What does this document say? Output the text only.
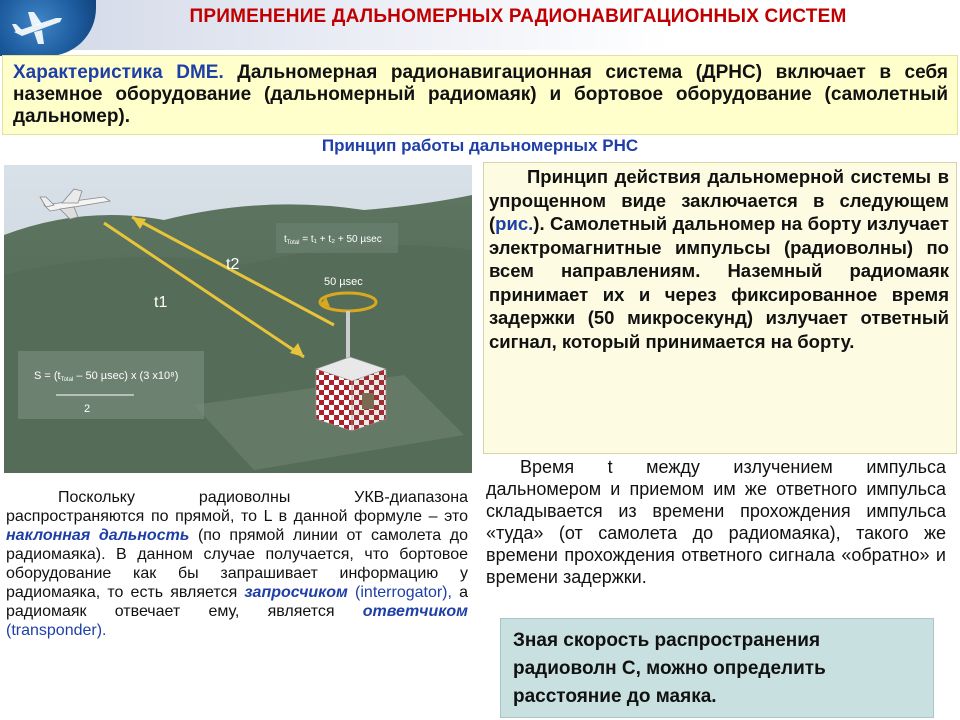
ПРИМЕНЕНИЕ ДАЛЬНОМЕРНЫХ РАДИОНАВИГАЦИОННЫХ СИСТЕМ
Характеристика DME. Дальномерная радионавигационная система (ДРНС) включает в себя наземное оборудование (дальномерный радиомаяк) и бортовое оборудование (самолетный дальномер).
Принцип работы дальномерных РНС
$t_{Total} = t_1 + t_2 + 50$ µsec
t2
t1
50 µsec
S = (tTotal – 50 µsec) x (3 x10⁸)
2
Принцип действия дальномерной системы в упрощенном виде заключается в следующем (рис.). Самолетный дальномер на борту излучает электромагнитные импульсы (радиоволны) по всем направлениям. Наземный радиомаяк принимает их и через фиксированное время задержки (50 микросекунд) излучает ответный сигнал, который принимается на борту.
Время t между излучением импульса дальномером и приемом им же ответного импульса складывается из времени прохождения импульса «туда» (от самолета до радиомаяка), такого же времени прохождения ответного сигнала «обратно» и времени задержки.
Поскольку радиоволны УКВ-диапазона распространяются по прямой, то L в данной формуле – это наклонная дальность (по прямой линии от самолета до радиомаяка). В данном случае получается, что бортовое оборудование как бы запрашивает информацию у радиомаяка, то есть является запросчиком (interrogator), а радиомаяк отвечает ему, является ответчиком (transponder).	Зная скорость распространения радиоволн С, можно определить расстояние до маяка.
